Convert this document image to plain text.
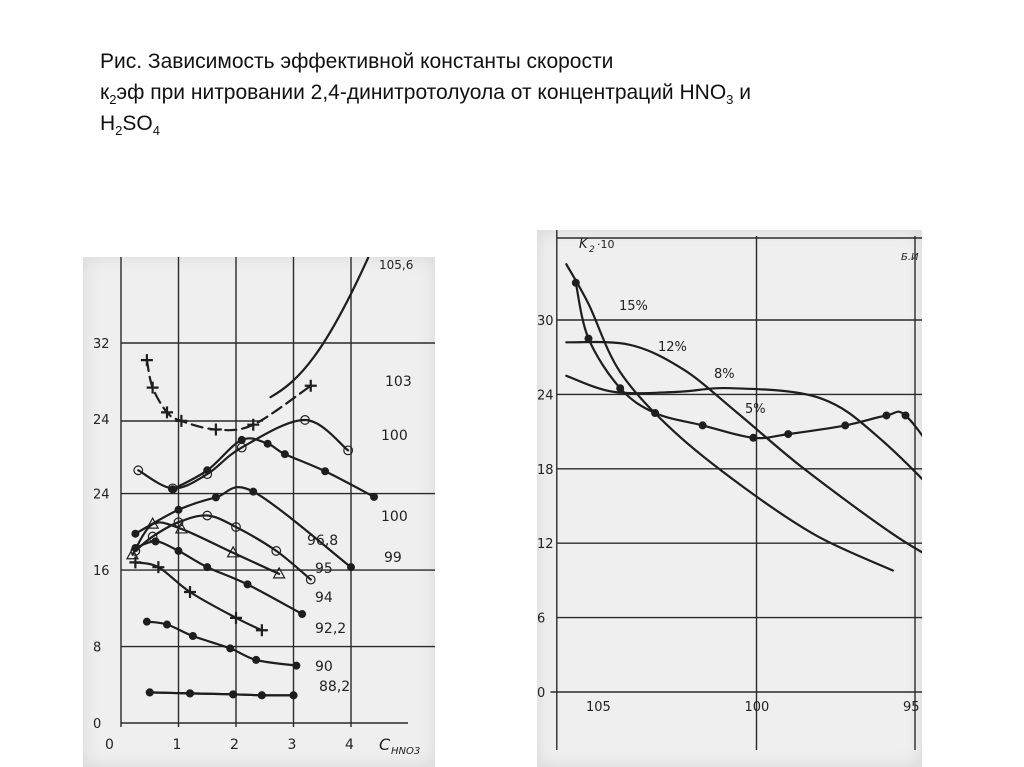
Рис. Зависимость эффективной константы скорости
$к_2эф$ при нитровании 2,4-динитротолуола от концентраций $HNO_3$ и
$H_2SO_4$
0	1	2	3	4
0
8
16
24
24
32
C HNO3
105,6
103
100
100
96,8
99
95
94
92,2
90
88,2
105	100	95
0
6
12
18
24
30
K 2 ·10
Б.И
15%
12%
8%
5%
